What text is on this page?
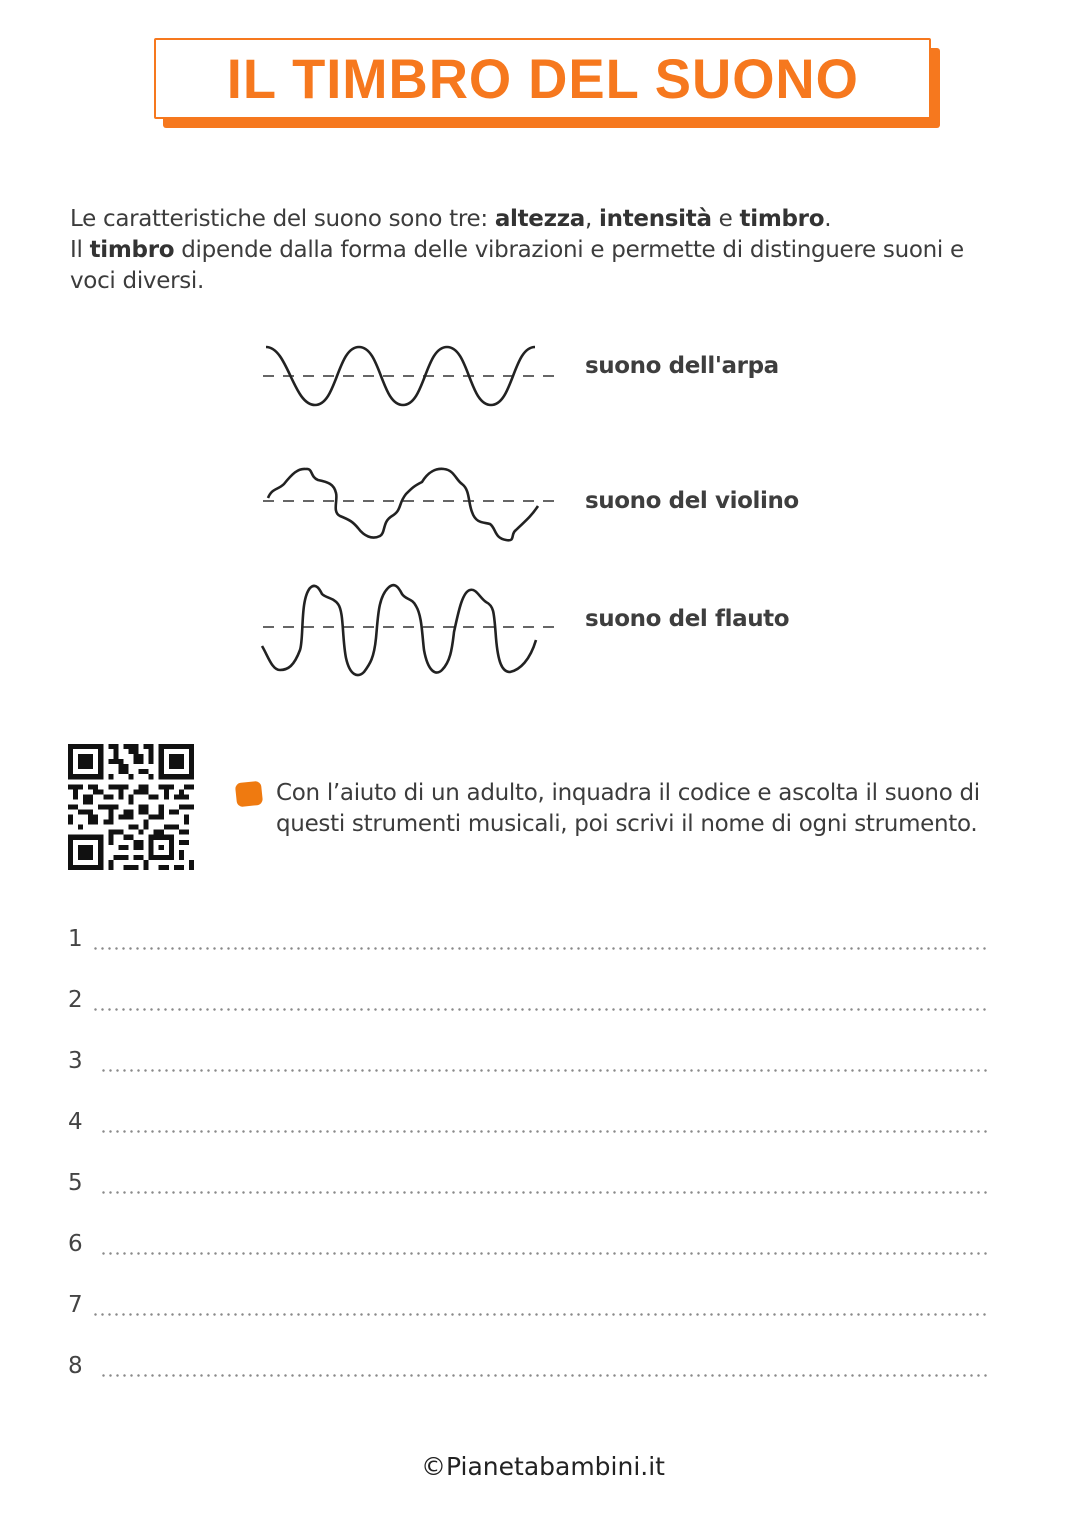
IL TIMBRO DEL SUONO
Le caratteristiche del suono sono tre: altezza, intensità e timbro.
Il timbro dipende dalla forma delle vibrazioni e permette di distinguere suoni e voci diversi.
suono dell'arpa
suono del violino
suono del flauto
Con l’aiuto di un adulto, inquadra il codice e ascolta il suono di questi strumenti musicali, poi scrivi il nome di ogni strumento.
1
2
3
4
5
6
7
8
©Pianetabambini.it
